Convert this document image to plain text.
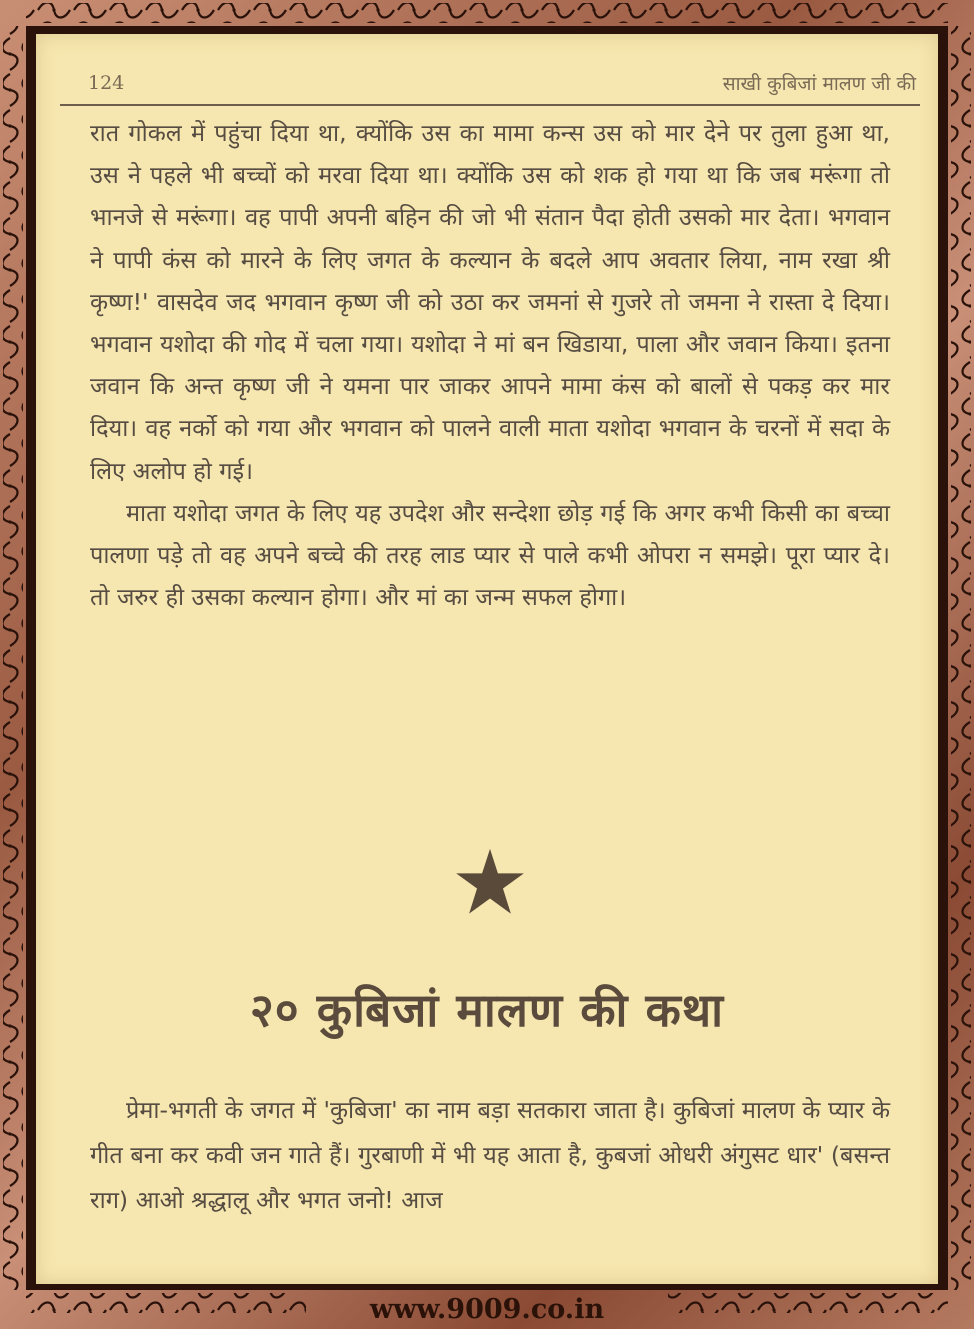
124	साखी कुबिजां मालण जी की

रात गोकल में पहुंचा दिया था, क्योंकि उस का मामा कन्स उस को मार देने पर तुला हुआ था, उस ने पहले भी बच्चों को मरवा दिया था। क्योंकि उस को शक हो गया था कि जब मरूंगा तो भानजे से मरूंगा। वह पापी अपनी बहिन की जो भी संतान पैदा होती उसको मार देता। भगवान ने पापी कंस को मारने के लिए जगत के कल्यान के बदले आप अवतार लिया, नाम रखा श्री कृष्ण!' वासदेव जद भगवान कृष्ण जी को उठा कर जमनां से गुजरे तो जमना ने रास्ता दे दिया। भगवान यशोदा की गोद में चला गया। यशोदा ने मां बन खिडाया, पाला और जवान किया। इतना जवान कि अन्त कृष्ण जी ने यमना पार जाकर आपने मामा कंस को बालों से पकड़ कर मार दिया। वह नर्को को गया और भगवान को पालने वाली माता यशोदा भगवान के चरनों में सदा के लिए अलोप हो गई।

माता यशोदा जगत के लिए यह उपदेश और सन्देशा छोड़ गई कि अगर कभी किसी का बच्चा पालणा पड़े तो वह अपने बच्चे की तरह लाड प्यार से पाले कभी ओपरा न समझे। पूरा प्यार दे। तो जरुर ही उसका कल्यान होगा। और मां का जन्म सफल होगा।

२० कुबिजां मालण की कथा

प्रेमा-भगती के जगत में 'कुबिजा' का नाम बड़ा सतकारा जाता है। कुबिजां मालण के प्यार के गीत बना कर कवी जन गाते हैं। गुरबाणी में भी यह आता है, कुबजां ओधरी अंगुसट धार' (बसन्त राग) आओ श्रद्धालू और भगत जनो! आज

www.9009.co.in
